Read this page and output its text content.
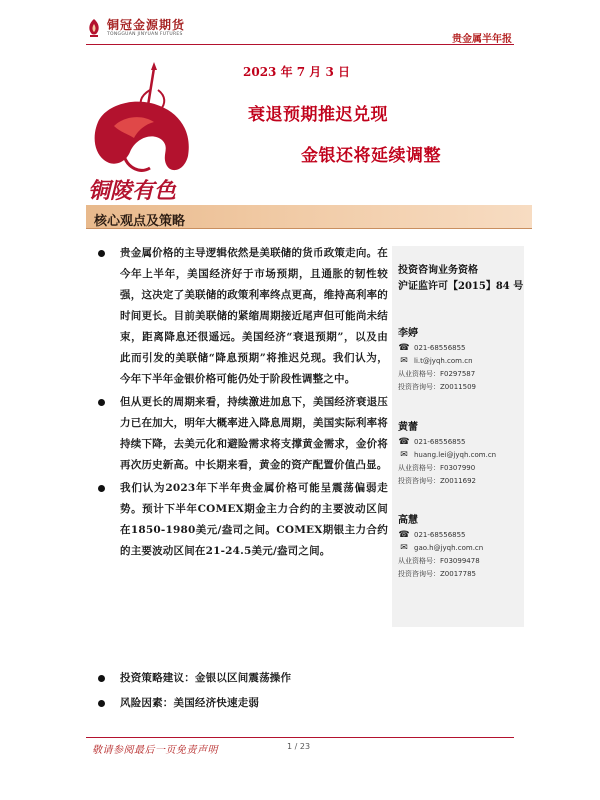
铜冠金源期货
TONGGUAN JINYUAN FUTURES	贵金属半年报
铜陵有色
2023 年 7 月 3 日
衰退预期推迟兑现
金银还将延续调整
核心观点及策略
贵金属价格的主导逻辑依然是美联储的货币政策走向。在今年上半年，美国经济好于市场预期，且通胀的韧性较强，这决定了美联储的政策利率终点更高，维持高利率的时间更长。目前美联储的紧缩周期接近尾声但可能尚未结束，距离降息还很遥远。美国经济“衰退预期”，以及由此而引发的美联储“降息预期”将推迟兑现。我们认为，今年下半年金银价格可能仍处于阶段性调整之中。
但从更长的周期来看，持续激进加息下，美国经济衰退压力已在加大，明年大概率进入降息周期，美国实际利率将持续下降，去美元化和避险需求将支撑黄金需求，金价将再次历史新高。中长期来看，黄金的资产配置价值凸显。
我们认为2023年下半年贵金属价格可能呈震荡偏弱走势。预计下半年COMEX期金主力合约的主要波动区间在1850-1980美元/盎司之间。COMEX期银主力合约的主要波动区间在21-24.5美元/盎司之间。
投资策略建议：金银以区间震荡操作
风险因素：美国经济快速走弱
投资咨询业务资格
沪证监许可【2015】84 号
李婷
☎ 021-68556855
✉ li.t@jyqh.com.cn
从业资格号：F0297587
投资咨询号：Z0011509
黄蕾
☎ 021-68556855
✉ huang.lei@jyqh.com.cn
从业资格号：F0307990
投资咨询号：Z0011692
高慧
☎ 021-68556855
✉ gao.h@jyqh.com.cn
从业资格号：F03099478
投资咨询号：Z0017785
敬请参阅最后一页免责声明	1 / 23
